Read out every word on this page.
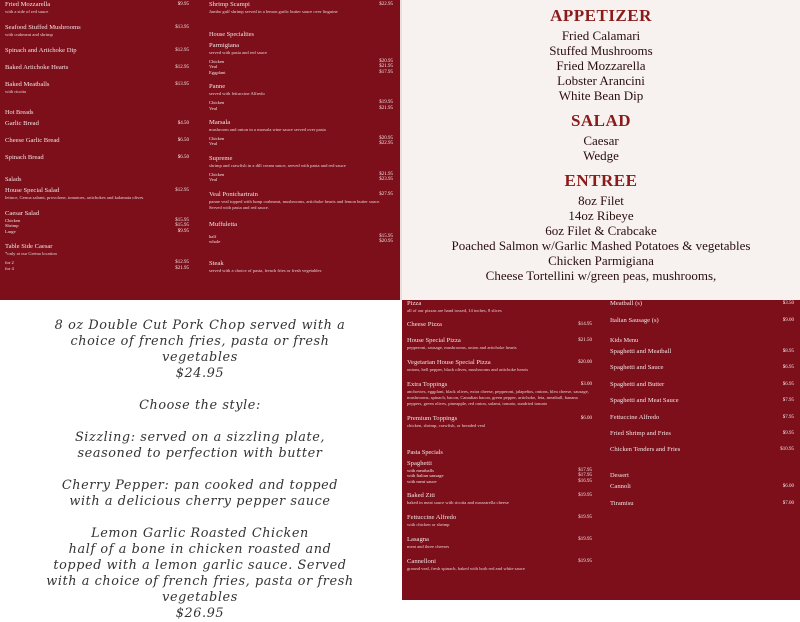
Fried Mozzarella	$9.95
with a side of red sauce
Seafood Stuffed Mushrooms	$13.95
with crabmeat and shrimp
Spinach and Artichoke Dip	$12.95
Baked Artichoke Hearts	$12.95
Baked Meatballs	$13.95
with ricotta
Hot Breads
Garlic Bread	$4.50
Cheese Garlic Bread	$6.50
Spinach Bread	$6.50
Salads
House Special Salad	$12.95
lettuce, Genoa salami, provolone, tomatoes, artichokes and kalamata olives
Caesar Salad
Chicken	$15.95
Shrimp	$15.95
Large	$9.95
Table Side Caesar
*only at our Gretna location
for 2	$12.95
for 4	$21.95
Shrimp Scampi	$22.95
Jumbo gulf shrimp served in a lemon garlic butter sauce over linguine
House Specialties
Parmigiana
served with pasta and red sauce
Chicken	$20.95
Veal	$21.95
Eggplant	$17.95
Panne
served with fettuccine Alfredo
Chicken	$19.95
Veal	$21.95
Marsala
mushroom and onion in a marsala wine sauce served over pasta
Chicken	$20.95
Veal	$22.95
Supreme
shrimp and crawfish in a dill cream sauce, served with pasta and red sauce
Chicken	$21.95
Veal	$23.95
Veal Pontchartrain	$27.95
panne veal topped with lump crabmeat, mushrooms, artichoke hearts and lemon butter sauce. Served with pasta and red sauce.
Muffuletta
half	$15.95
whole	$20.95
Steak
served with a choice of pasta, french fries or fresh vegetables
APPETIZER
Fried Calamari
Stuffed Mushrooms
Fried Mozzarella
Lobster Arancini
White Bean Dip
SALAD
Caesar
Wedge
ENTREE
8oz Filet
14oz Ribeye
6oz Filet & Crabcake
Poached Salmon w/Garlic Mashed Potatoes & vegetables
Chicken Parmigiana
Cheese Tortellini w/green peas, mushrooms,

8 oz Double Cut Pork Chop served with a choice of french fries, pasta or fresh vegetables
$24.95

Choose the style:

Sizzling: served on a sizzling plate, seasoned to perfection with butter

Cherry Pepper: pan cooked and topped with a delicious cherry pepper sauce

Lemon Garlic Roasted Chicken
half of a bone in chicken roasted and topped with a lemon garlic sauce. Served with a choice of french fries, pasta or fresh vegetables
$26.95

Pizza
all of our pizzas are hand tossed, 14 inches, 8 slices
Cheese Pizza	$14.95
House Special Pizza	$21.50
pepperoni, sausage, mushrooms, onion and artichoke hearts
Vegetarian House Special Pizza	$20.00
onions, bell pepper, black olives, mushrooms and artichoke hearts
Extra Toppings	$3.00
anchovies, eggplant, black olives, extra cheese, pepperoni, jalapeños, onions, bleu cheese, sausage, mushrooms, spinach, bacon, Canadian bacon, green pepper, artichoke, feta, meatball, banana peppers, green olives, pineapple, red onion, salami, tomato, sundried tomato
Premium Toppings	$6.00
chicken, shrimp, crawfish, or breaded veal
Pasta Specials
Spaghetti
with meatballs	$17.95
with Italian sausage	$17.95
with meat sauce	$16.95
Baked Ziti	$19.95
baked in meat sauce with ricotta and mozzarella cheese
Fettuccine Alfredo	$19.95
with chicken or shrimp
Lasagna	$19.95
meat and three cheeses
Cannelloni	$19.95
ground veal, fresh spinach, baked with both red and white sauce
Meatball (s)	$3.50
Italian Sausage (s)	$9.00
Kids Menu
Spaghetti and Meatball	$8.95
Spaghetti and Sauce	$6.95
Spaghetti and Butter	$6.95
Spaghetti and Meat Sauce	$7.95
Fettuccine Alfredo	$7.95
Fried Shrimp and Fries	$9.95
Chicken Tenders and Fries	$10.95
Dessert
Cannoli	$6.00
Tiramisu	$7.00
